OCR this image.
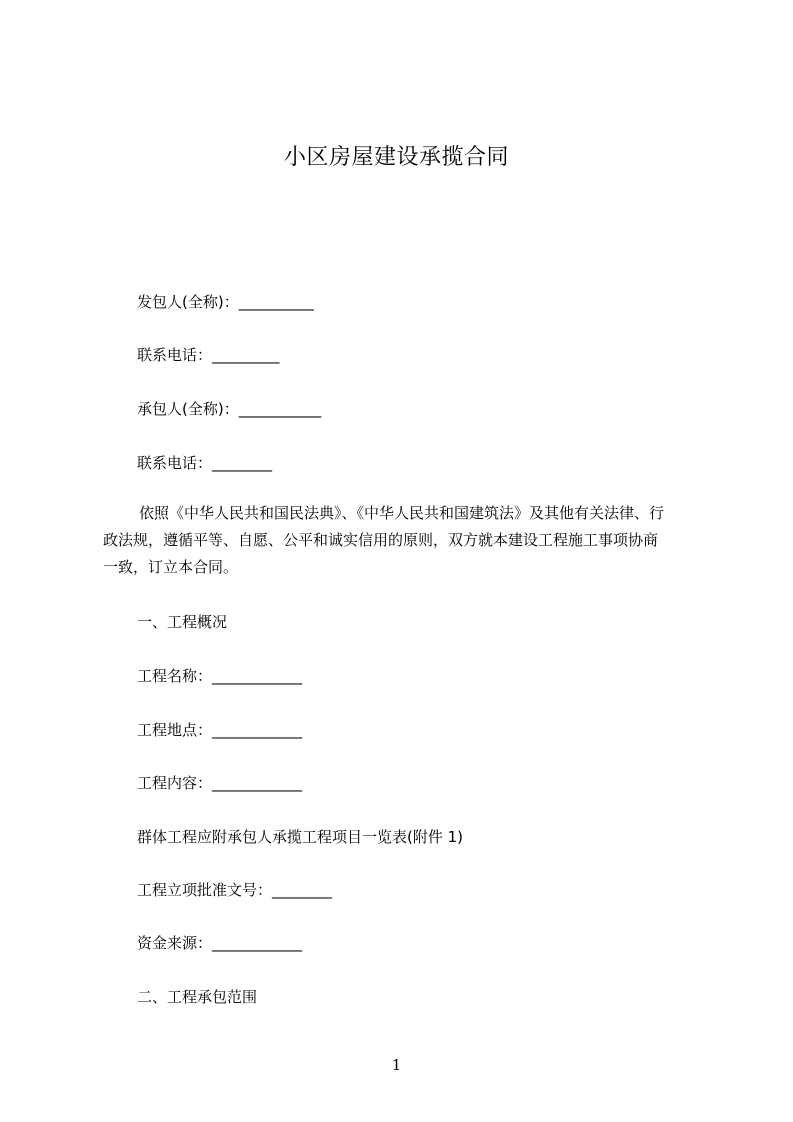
小区房屋建设承揽合同
发包人(全称)：__________
联系电话：_________
承包人(全称)：___________
联系电话：________
依照《中华人民共和国民法典》、《中华人民共和国建筑法》及其他有关法律、行
政法规，遵循平等、自愿、公平和诚实信用的原则，双方就本建设工程施工事项协商
一致，订立本合同。
一、工程概况
工程名称：____________
工程地点：____________
工程内容：____________
群体工程应附承包人承揽工程项目一览表(附件 1)
工程立项批准文号：________
资金来源：____________
二、工程承包范围
1
